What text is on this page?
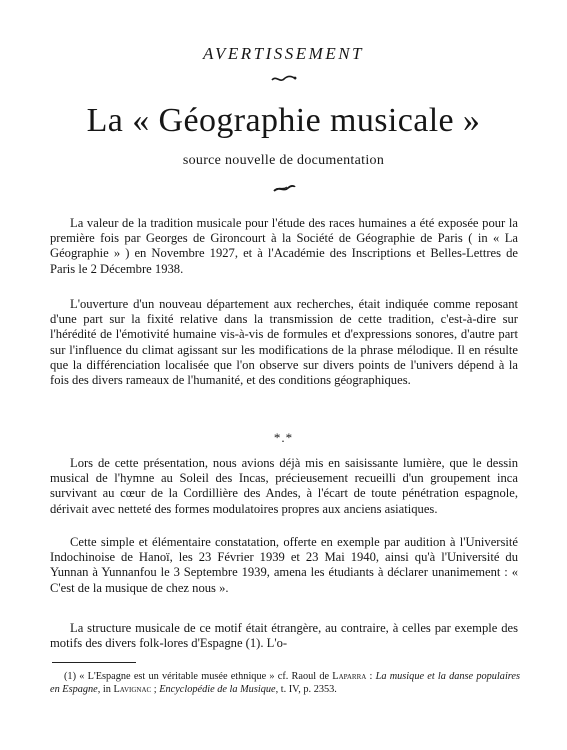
AVERTISSEMENT
La « Géographie musicale »
source nouvelle de documentation

La valeur de la tradition musicale pour l'étude des races humaines a été exposée pour la première fois par Georges de Gironcourt à la Société de Géographie de Paris ( in « La Géographie » ) en Novembre 1927, et à l'Académie des Inscriptions et Belles-Lettres de Paris le 2 Décembre 1938.

L'ouverture d'un nouveau département aux recherches, était indiquée comme reposant d'une part sur la fixité relative dans la transmission de cette tradition, c'est-à-dire sur l'hérédité de l'émotivité humaine vis-à-vis de formules et d'expressions sonores, d'autre part sur l'influence du climat agissant sur les modifications de la phrase mélodique. Il en résulte que la différenciation localisée que l'on observe sur divers points de l'univers dépend à la fois des divers rameaux de l'humanité, et des conditions géographiques.

*.*

Lors de cette présentation, nous avions déjà mis en saisissante lumière, que le dessin musical de l'hymne au Soleil des Incas, précieusement recueilli d'un groupement inca survivant au cœur de la Cordillière des Andes, à l'écart de toute pénétration espagnole, dérivait avec netteté des formes modulatoires propres aux anciens asiatiques.

Cette simple et élémentaire constatation, offerte en exemple par audition à l'Université Indochinoise de Hanoï, les 23 Février 1939 et 23 Mai 1940, ainsi qu'à l'Université du Yunnan à Yunnanfou le 3 Septembre 1939, amena les étudiants à déclarer unanimement : « C'est de la musique de chez nous ».

La structure musicale de ce motif était étrangère, au contraire, à celles par exemple des motifs des divers folk-lores d'Espagne (1). L'o-

(1) « L'Espagne est un véritable musée ethnique » cf. Raoul de Laparra : La musique et la danse populaires en Espagne, in Lavignac ; Encyclopédie de la Musique, t. IV, p. 2353.
